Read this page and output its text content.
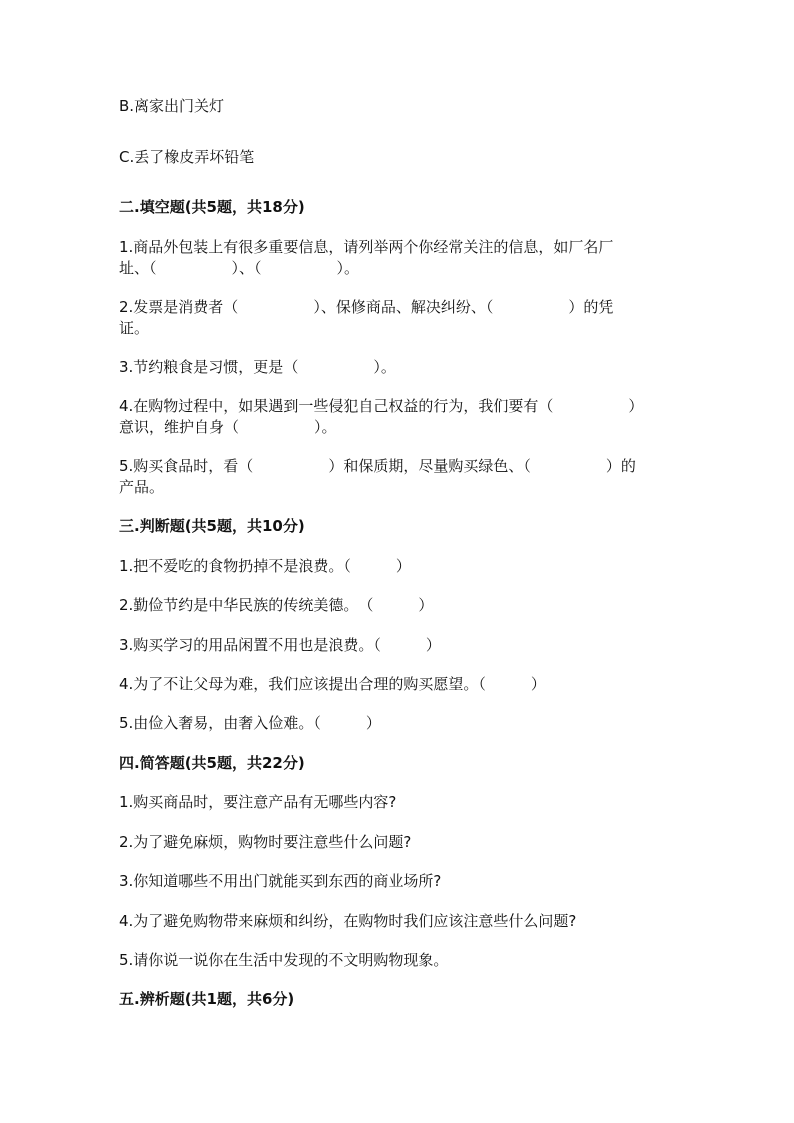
B.离家出门关灯
C.丢了橡皮弄坏铅笔
二.填空题(共5题，共18分)
1.商品外包装上有很多重要信息，请列举两个你经常关注的信息，如厂名厂
址、（　　　　　）、（　　　　　）。
2.发票是消费者（　　　　　）、保修商品、解决纠纷、（　　　　　）的凭
证。
3.节约粮食是习惯，更是（　　　　　）。
4.在购物过程中，如果遇到一些侵犯自己权益的行为，我们要有（　　　　　）
意识，维护自身（　　　　　）。
5.购买食品时，看（　　　　　）和保质期，尽量购买绿色、（　　　　　）的
产品。
三.判断题(共5题，共10分)
1.把不爱吃的食物扔掉不是浪费。（　　　）
2.勤俭节约是中华民族的传统美德。　（　　　）
3.购买学习的用品闲置不用也是浪费。（　　　）
4.为了不让父母为难，我们应该提出合理的购买愿望。（　　　）
5.由俭入奢易，由奢入俭难。（　　　）
四.简答题(共5题，共22分)
1.购买商品时，要注意产品有无哪些内容?
2.为了避免麻烦，购物时要注意些什么问题?
3.你知道哪些不用出门就能买到东西的商业场所?
4.为了避免购物带来麻烦和纠纷，在购物时我们应该注意些什么问题?
5.请你说一说你在生活中发现的不文明购物现象。
五.辨析题(共1题，共6分)
